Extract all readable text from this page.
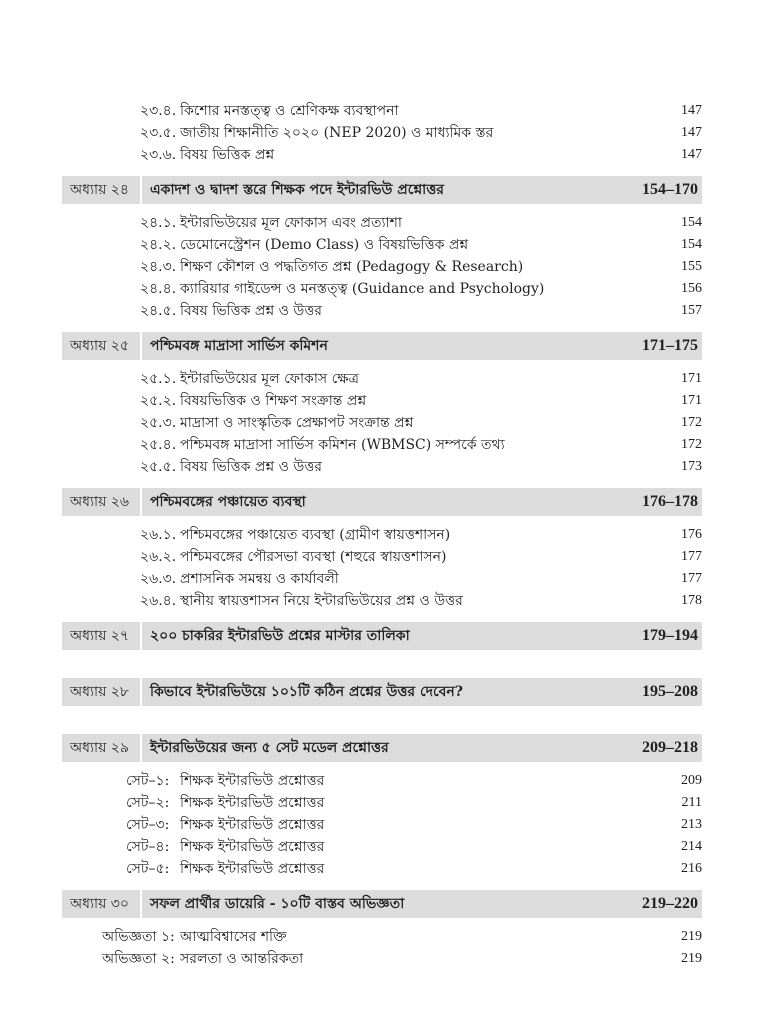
২৩.৪. কিশোর মনস্তত্ত্ব ও শ্রেণিকক্ষ ব্যবস্থাপনা	147
২৩.৫. জাতীয় শিক্ষানীতি ২০২০ (NEP 2020) ও মাধ্যমিক স্তর	147
২৩.৬. বিষয় ভিত্তিক প্রশ্ন	147
অধ্যায় ২৪ একাদশ ও দ্বাদশ স্তরে শিক্ষক পদে ইন্টারভিউ প্রশ্নোত্তর	154–170
২৪.১. ইন্টারভিউয়ের মূল ফোকাস এবং প্রত্যাশা	154
২৪.২. ডেমোনেস্ট্রেশন (Demo Class) ও বিষয়ভিত্তিক প্রশ্ন	154
২৪.৩. শিক্ষণ কৌশল ও পদ্ধতিগত প্রশ্ন (Pedagogy & Research)	155
২৪.৪. ক্যারিয়ার গাইডেন্স ও মনস্তত্ত্ব (Guidance and Psychology)	156
২৪.৫. বিষয় ভিত্তিক প্রশ্ন ও উত্তর	157
অধ্যায় ২৫ পশ্চিমবঙ্গ মাদ্রাসা সার্ভিস কমিশন	171–175
২৫.১. ইন্টারভিউয়ের মূল ফোকাস ক্ষেত্র	171
২৫.২. বিষয়ভিত্তিক ও শিক্ষণ সংক্রান্ত প্রশ্ন	171
২৫.৩. মাদ্রাসা ও সাংস্কৃতিক প্রেক্ষাপট সংক্রান্ত প্রশ্ন	172
২৫.৪. পশ্চিমবঙ্গ মাদ্রাসা সার্ভিস কমিশন (WBMSC) সম্পর্কে তথ্য	172
২৫.৫. বিষয় ভিত্তিক প্রশ্ন ও উত্তর	173
অধ্যায় ২৬ পশ্চিমবঙ্গের পঞ্চায়েত ব্যবস্থা	176–178
২৬.১. পশ্চিমবঙ্গের পঞ্চায়েত ব্যবস্থা (গ্রামীণ স্বায়ত্তশাসন)	176
২৬.২. পশ্চিমবঙ্গের পৌরসভা ব্যবস্থা (শহুরে স্বায়ত্তশাসন)	177
২৬.৩. প্রশাসনিক সমন্বয় ও কার্যাবলী	177
২৬.৪. স্থানীয় স্বায়ত্তশাসন নিয়ে ইন্টারভিউয়ের প্রশ্ন ও উত্তর	178
অধ্যায় ২৭ ২০০ চাকরির ইন্টারভিউ প্রশ্নের মাস্টার তালিকা	179–194
অধ্যায় ২৮ কিভাবে ইন্টারভিউয়ে ১০১টি কঠিন প্রশ্নের উত্তর দেবেন?	195–208
অধ্যায় ২৯ ইন্টারভিউয়ের জন্য ৫ সেট মডেল প্রশ্নোত্তর	209–218
সেট–১: শিক্ষক ইন্টারভিউ প্রশ্নোত্তর	209
সেট–২: শিক্ষক ইন্টারভিউ প্রশ্নোত্তর	211
সেট–৩: শিক্ষক ইন্টারভিউ প্রশ্নোত্তর	213
সেট–৪: শিক্ষক ইন্টারভিউ প্রশ্নোত্তর	214
সেট–৫: শিক্ষক ইন্টারভিউ প্রশ্নোত্তর	216
অধ্যায় ৩০ সফল প্রার্থীর ডায়েরি - ১০টি বাস্তব অভিজ্ঞতা	219–220
অভিজ্ঞতা ১: আত্মবিশ্বাসের শক্তি	219
অভিজ্ঞতা ২: সরলতা ও আন্তরিকতা	219
